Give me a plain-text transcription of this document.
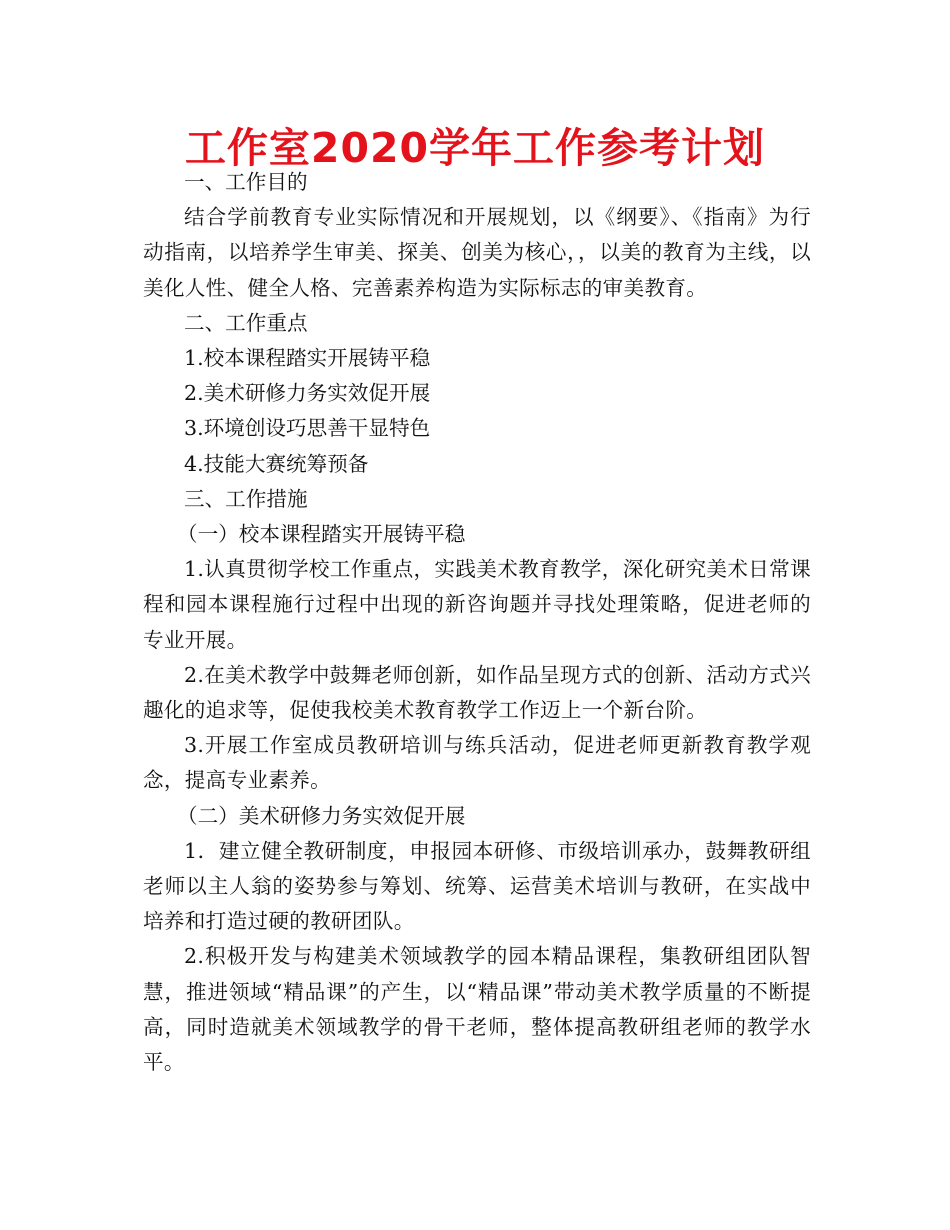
工作室2020学年工作参考计划

一、工作目的

结合学前教育专业实际情况和开展规划，以《纲要》、《指南》为行动指南，以培养学生审美、探美、创美为核心，，以美的教育为主线，以美化人性、健全人格、完善素养构造为实际标志的审美教育。

二、工作重点

1.校本课程踏实开展铸平稳

2.美术研修力务实效促开展

3.环境创设巧思善干显特色

4.技能大赛统筹预备

三、工作措施

（一）校本课程踏实开展铸平稳

1.认真贯彻学校工作重点，实践美术教育教学，深化研究美术日常课程和园本课程施行过程中出现的新咨询题并寻找处理策略，促进老师的专业开展。

2.在美术教学中鼓舞老师创新，如作品呈现方式的创新、活动方式兴趣化的追求等，促使我校美术教育教学工作迈上一个新台阶。

3.开展工作室成员教研培训与练兵活动，促进老师更新教育教学观念，提高专业素养。

（二）美术研修力务实效促开展

1．建立健全教研制度，申报园本研修、市级培训承办，鼓舞教研组老师以主人翁的姿势参与筹划、统筹、运营美术培训与教研，在实战中培养和打造过硬的教研团队。

2.积极开发与构建美术领域教学的园本精品课程，集教研组团队智慧，推进领域“精品课”的产生，以“精品课”带动美术教学质量的不断提高，同时造就美术领域教学的骨干老师，整体提高教研组老师的教学水平。
